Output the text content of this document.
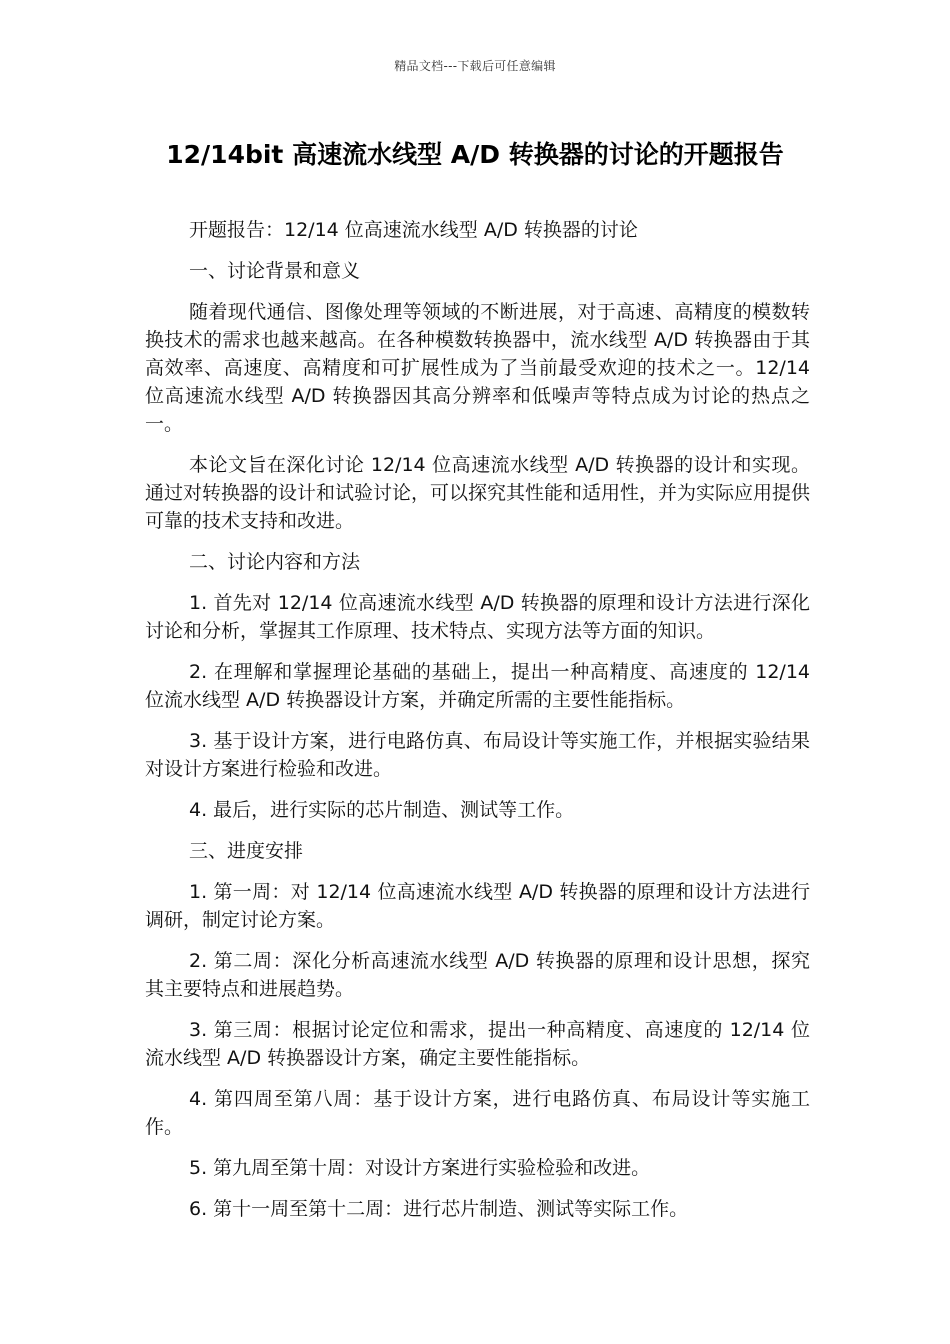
精品文档---下载后可任意编辑
12/14bit 高速流水线型 A/D 转换器的讨论的开题报告

开题报告：12/14 位高速流水线型 A/D 转换器的讨论

一、讨论背景和意义

随着现代通信、图像处理等领域的不断进展，对于高速、高精度的模数转换技术的需求也越来越高。在各种模数转换器中，流水线型 A/D 转换器由于其高效率、高速度、高精度和可扩展性成为了当前最受欢迎的技术之一。12/14 位高速流水线型 A/D 转换器因其高分辨率和低噪声等特点成为讨论的热点之一。

本论文旨在深化讨论 12/14 位高速流水线型 A/D 转换器的设计和实现。通过对转换器的设计和试验讨论，可以探究其性能和适用性，并为实际应用提供可靠的技术支持和改进。

二、讨论内容和方法

1. 首先对 12/14 位高速流水线型 A/D 转换器的原理和设计方法进行深化讨论和分析，掌握其工作原理、技术特点、实现方法等方面的知识。

2. 在理解和掌握理论基础的基础上，提出一种高精度、高速度的 12/14 位流水线型 A/D 转换器设计方案，并确定所需的主要性能指标。

3. 基于设计方案，进行电路仿真、布局设计等实施工作，并根据实验结果对设计方案进行检验和改进。

4. 最后，进行实际的芯片制造、测试等工作。

三、进度安排

1. 第一周：对 12/14 位高速流水线型 A/D 转换器的原理和设计方法进行调研，制定讨论方案。

2. 第二周：深化分析高速流水线型 A/D 转换器的原理和设计思想，探究其主要特点和进展趋势。

3. 第三周：根据讨论定位和需求，提出一种高精度、高速度的 12/14 位流水线型 A/D 转换器设计方案，确定主要性能指标。

4. 第四周至第八周：基于设计方案，进行电路仿真、布局设计等实施工作。

5. 第九周至第十周：对设计方案进行实验检验和改进。

6. 第十一周至第十二周：进行芯片制造、测试等实际工作。
